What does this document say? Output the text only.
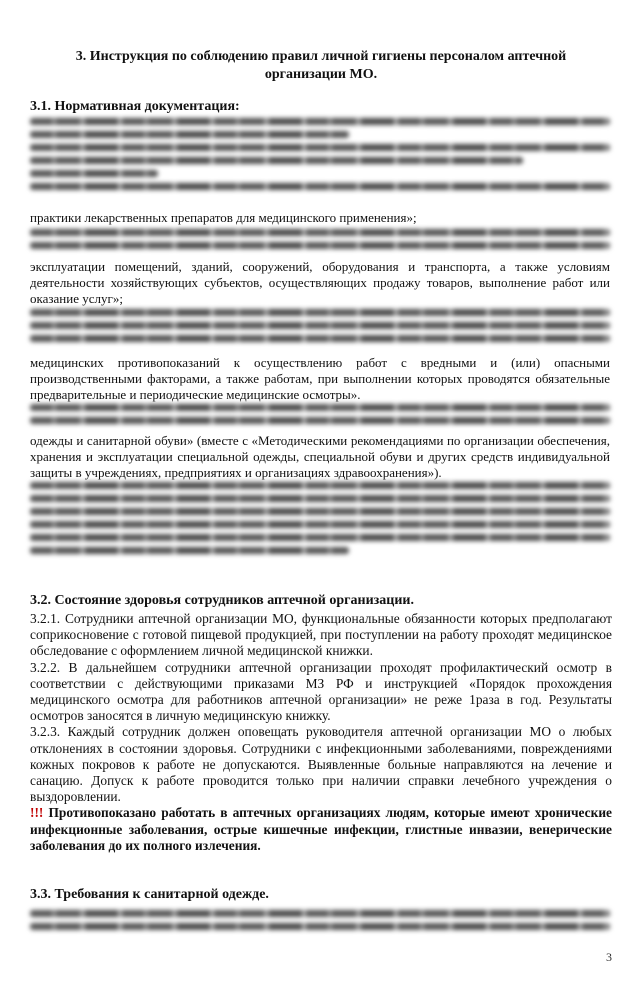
3. Инструкция по соблюдению правил личной гигиены персоналом аптечной организации МО.
3.1. Нормативная документация:
практики лекарственных препаратов для медицинского применения»;
эксплуатации помещений, зданий, сооружений, оборудования и транспорта, а также условиям деятельности хозяйствующих субъектов, осуществляющих продажу товаров, выполнение работ или оказание услуг»;
медицинских противопоказаний к осуществлению работ с вредными и (или) опасными производственными факторами, а также работам, при выполнении которых проводятся обязательные предварительные и периодические медицинские осмотры».
одежды и санитарной обуви» (вместе с «Методическими рекомендациями по организации обеспечения, хранения и эксплуатации специальной одежды, специальной обуви и других средств индивидуальной защиты в учреждениях, предприятиях и организациях здравоохранения»).
3.2. Состояние здоровья сотрудников аптечной организации.

3.2.1. Сотрудники аптечной организации МО, функциональные обязанности которых предполагают соприкосновение с готовой пищевой продукцией, при поступлении на работу проходят медицинское обследование с оформлением личной медицинской книжки.

3.2.2. В дальнейшем сотрудники аптечной организации проходят профилактический осмотр в соответствии с действующими приказами МЗ РФ и инструкцией «Порядок прохождения медицинского осмотра для работников аптечной организации» не реже 1раза в год. Результаты осмотров заносятся в личную медицинскую книжку.

3.2.3. Каждый сотрудник должен оповещать руководителя аптечной организации МО о любых отклонениях в состоянии здоровья. Сотрудники с инфекционными заболеваниями, повреждениями кожных покровов к работе не допускаются. Выявленные больные направляются на лечение и санацию. Допуск к работе проводится только при наличии справки лечебного учреждения о выздоровлении.

!!! Противопоказано работать в аптечных организациях людям, которые имеют хронические инфекционные заболевания, острые кишечные инфекции, глистные инвазии, венерические заболевания до их полного излечения.

3.3. Требования к санитарной одежде.
3
